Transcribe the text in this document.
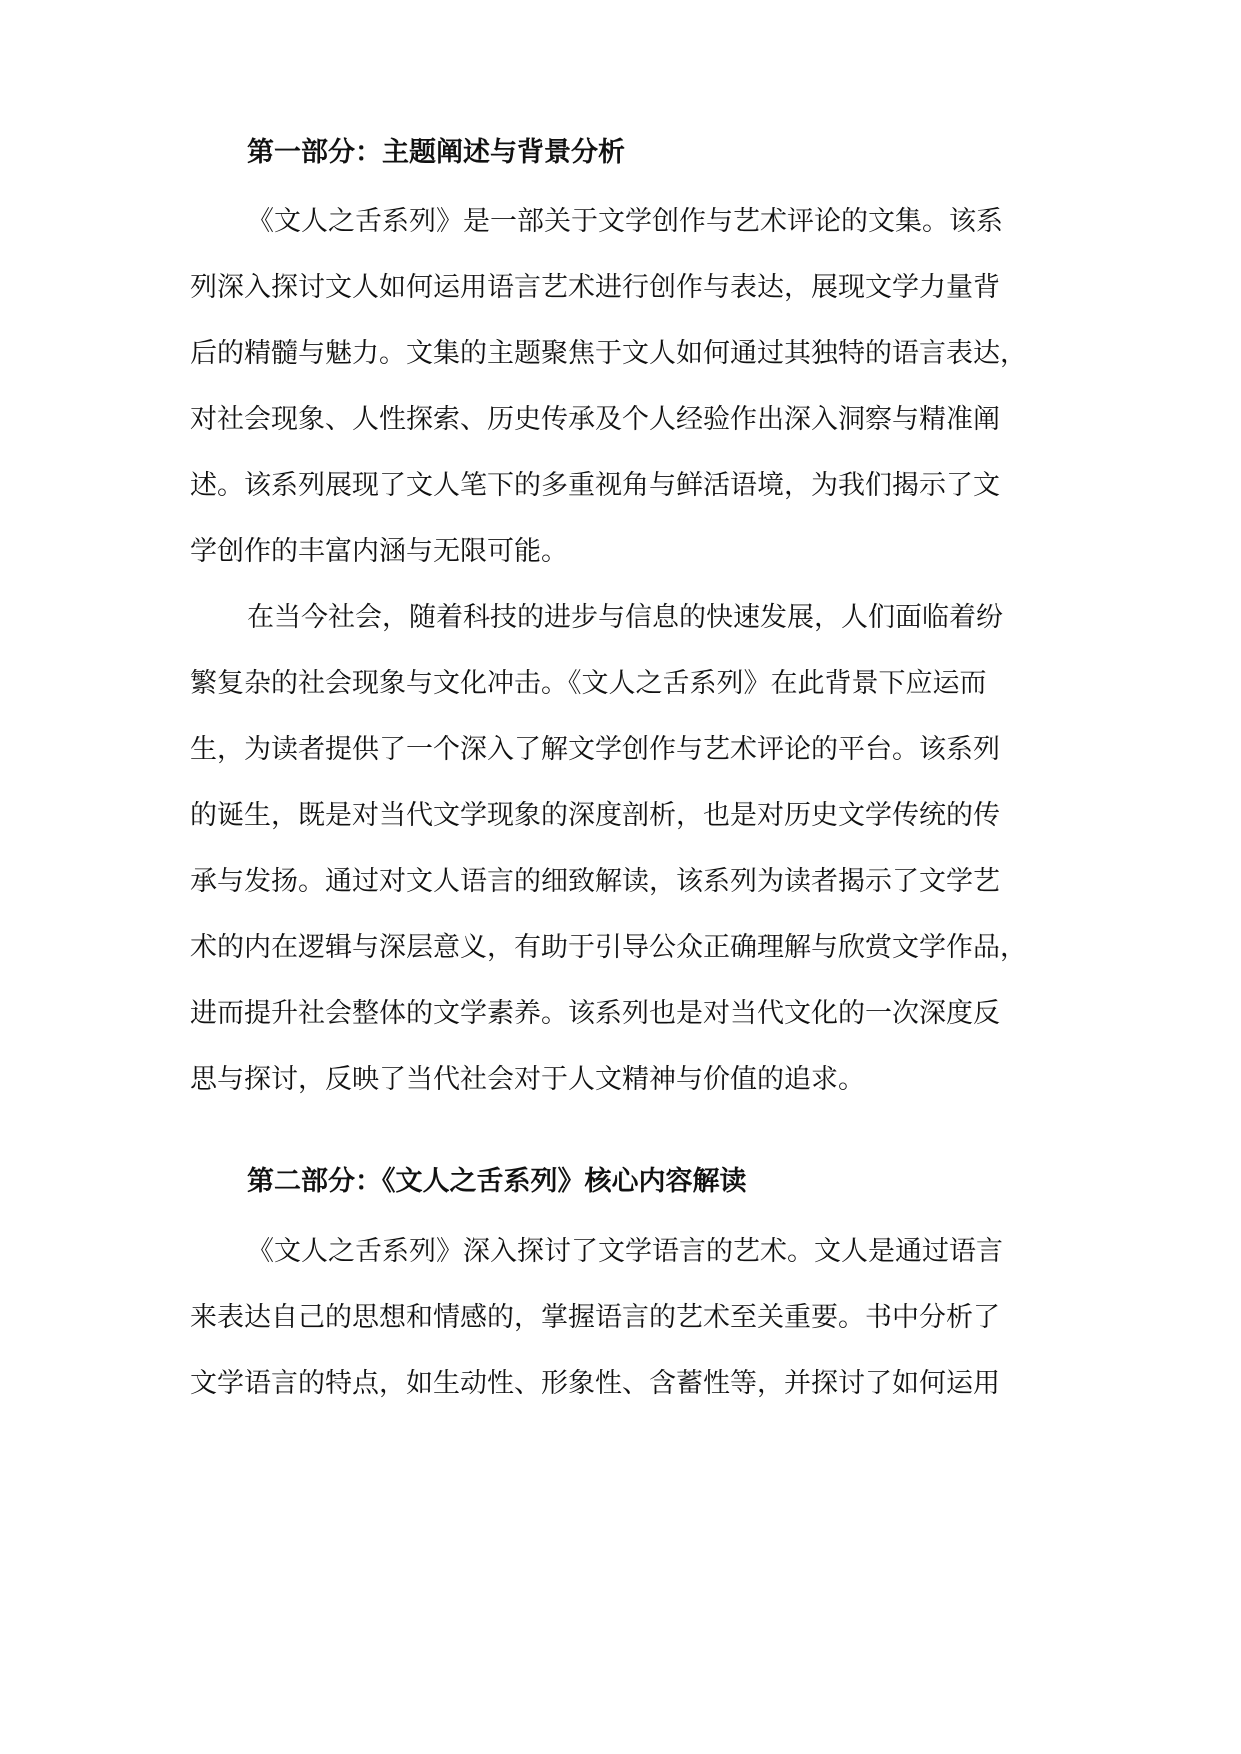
第一部分：主题阐述与背景分析

《文人之舌系列》是一部关于文学创作与艺术评论的文集。该系

列深入探讨文人如何运用语言艺术进行创作与表达，展现文学力量背

后的精髓与魅力。文集的主题聚焦于文人如何通过其独特的语言表达，

对社会现象、人性探索、历史传承及个人经验作出深入洞察与精准阐

述。该系列展现了文人笔下的多重视角与鲜活语境，为我们揭示了文

学创作的丰富内涵与无限可能。

在当今社会，随着科技的进步与信息的快速发展，人们面临着纷

繁复杂的社会现象与文化冲击。《文人之舌系列》在此背景下应运而

生，为读者提供了一个深入了解文学创作与艺术评论的平台。该系列

的诞生，既是对当代文学现象的深度剖析，也是对历史文学传统的传

承与发扬。通过对文人语言的细致解读，该系列为读者揭示了文学艺

术的内在逻辑与深层意义，有助于引导公众正确理解与欣赏文学作品，

进而提升社会整体的文学素养。该系列也是对当代文化的一次深度反

思与探讨，反映了当代社会对于人文精神与价值的追求。

第二部分：《文人之舌系列》核心内容解读

《文人之舌系列》深入探讨了文学语言的艺术。文人是通过语言

来表达自己的思想和情感的，掌握语言的艺术至关重要。书中分析了

文学语言的特点，如生动性、形象性、含蓄性等，并探讨了如何运用
